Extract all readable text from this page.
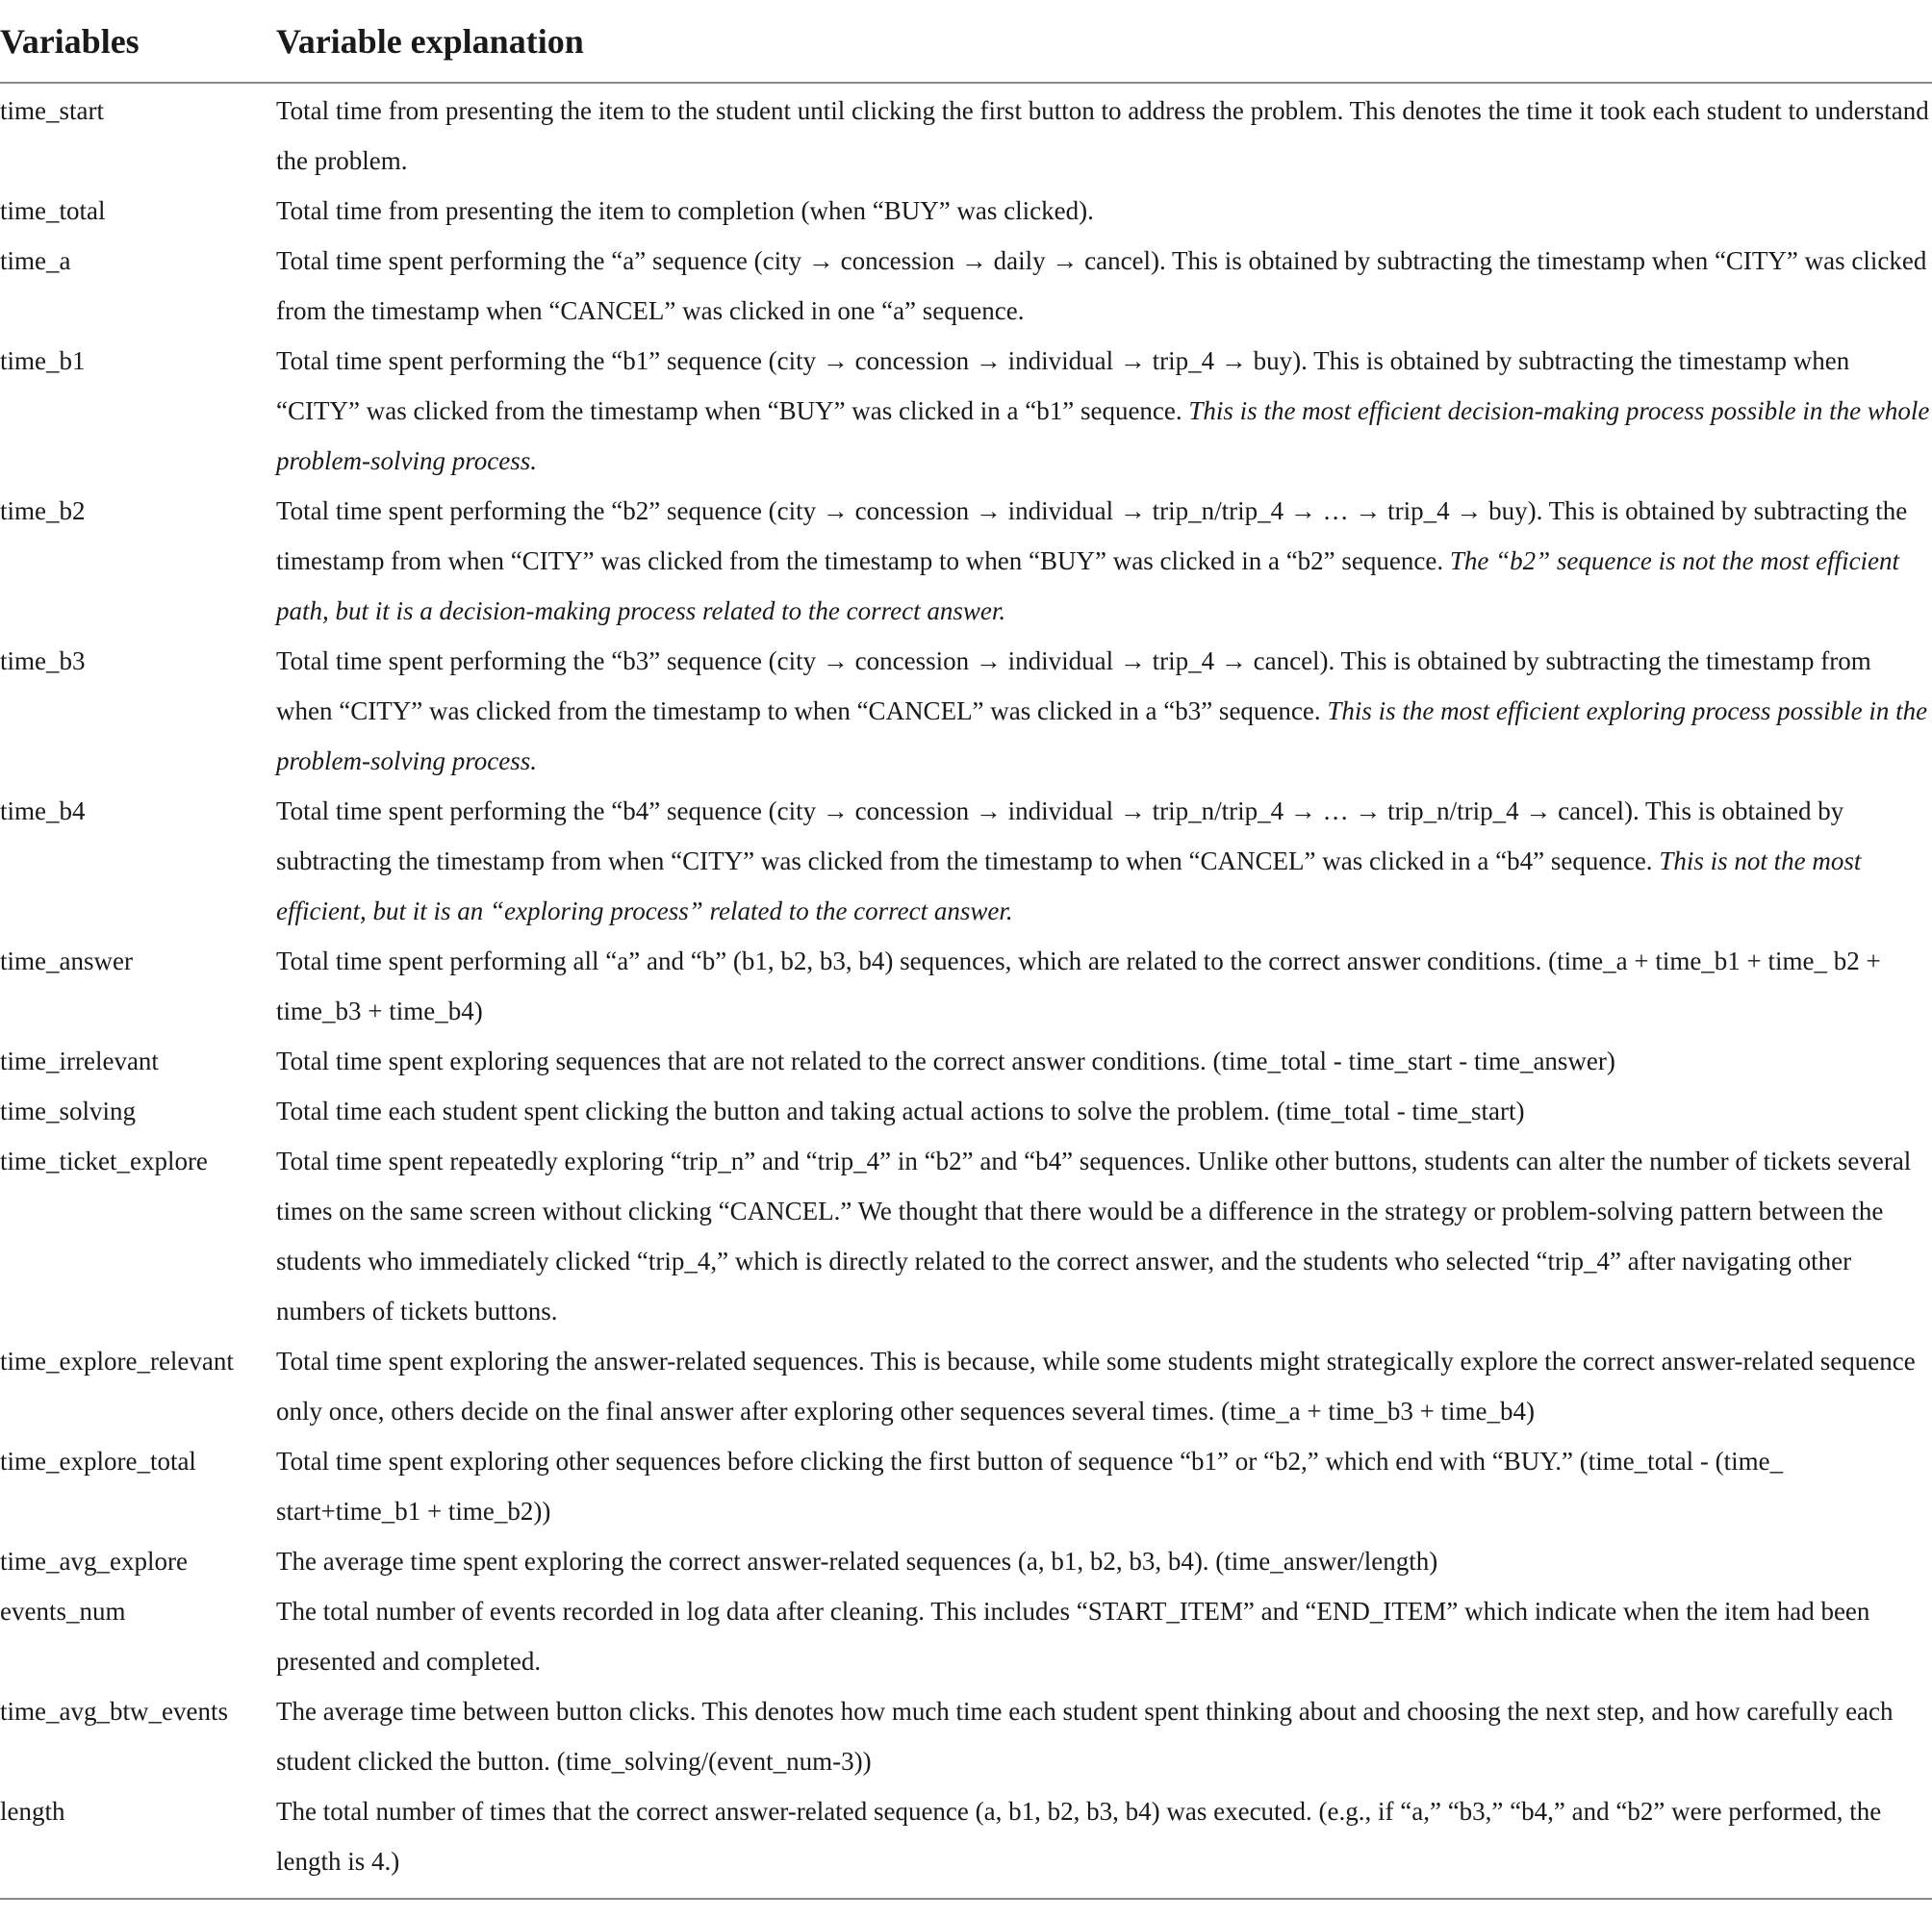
Variables	Variable explanation
time_start	Total time from presenting the item to the student until clicking the first button to address the problem. This denotes the time it took each student to understand the problem.
time_total	Total time from presenting the item to completion (when “BUY” was clicked).
time_a	Total time spent performing the “a” sequence (city → concession → daily → cancel). This is obtained by subtracting the timestamp when “CITY” was clicked from the timestamp when “CANCEL” was clicked in one “a” sequence.
time_b1	Total time spent performing the “b1” sequence (city → concession → individual → trip_4 → buy). This is obtained by subtracting the timestamp when “CITY” was clicked from the timestamp when “BUY” was clicked in a “b1” sequence. This is the most efficient decision-making process possible in the whole problem-solving process.
time_b2	Total time spent performing the “b2” sequence (city → concession → individual → trip_n/trip_4 → … → trip_4 → buy). This is obtained by subtracting the timestamp from when “CITY” was clicked from the timestamp to when “BUY” was clicked in a “b2” sequence. The “b2” sequence is not the most efficient path, but it is a decision-making process related to the correct answer.
time_b3	Total time spent performing the “b3” sequence (city → concession → individual → trip_4 → cancel). This is obtained by subtracting the timestamp from when “CITY” was clicked from the timestamp to when “CANCEL” was clicked in a “b3” sequence. This is the most efficient exploring process possible in the problem-solving process.
time_b4	Total time spent performing the “b4” sequence (city → concession → individual → trip_n/trip_4 → … → trip_n/trip_4 → cancel). This is obtained by subtracting the timestamp from when “CITY” was clicked from the timestamp to when “CANCEL” was clicked in a “b4” sequence. This is not the most efficient, but it is an “exploring process” related to the correct answer.
time_answer	Total time spent performing all “a” and “b” (b1, b2, b3, b4) sequences, which are related to the correct answer conditions. (time_a + time_b1 + time_ b2 + time_b3 + time_b4)
time_irrelevant	Total time spent exploring sequences that are not related to the correct answer conditions. (time_total - time_start - time_answer)
time_solving	Total time each student spent clicking the button and taking actual actions to solve the problem. (time_total - time_start)
time_ticket_explore	Total time spent repeatedly exploring “trip_n” and “trip_4” in “b2” and “b4” sequences. Unlike other buttons, students can alter the number of tickets several times on the same screen without clicking “CANCEL.” We thought that there would be a difference in the strategy or problem-solving pattern between the students who immediately clicked “trip_4,” which is directly related to the correct answer, and the students who selected “trip_4” after navigating other numbers of tickets buttons.
time_explore_relevant	Total time spent exploring the answer-related sequences. This is because, while some students might strategically explore the correct answer-related sequence only once, others decide on the final answer after exploring other sequences several times. (time_a + time_b3 + time_b4)
time_explore_total	Total time spent exploring other sequences before clicking the first button of sequence “b1” or “b2,” which end with “BUY.” (time_total - (time_ start+time_b1 + time_b2))
time_avg_explore	The average time spent exploring the correct answer-related sequences (a, b1, b2, b3, b4). (time_answer/length)
events_num	The total number of events recorded in log data after cleaning. This includes “START_ITEM” and “END_ITEM” which indicate when the item had been presented and completed.
time_avg_btw_events	The average time between button clicks. This denotes how much time each student spent thinking about and choosing the next step, and how carefully each student clicked the button. (time_solving/(event_num-3))
length	The total number of times that the correct answer-related sequence (a, b1, b2, b3, b4) was executed. (e.g., if “a,” “b3,” “b4,” and “b2” were performed, the length is 4.)
